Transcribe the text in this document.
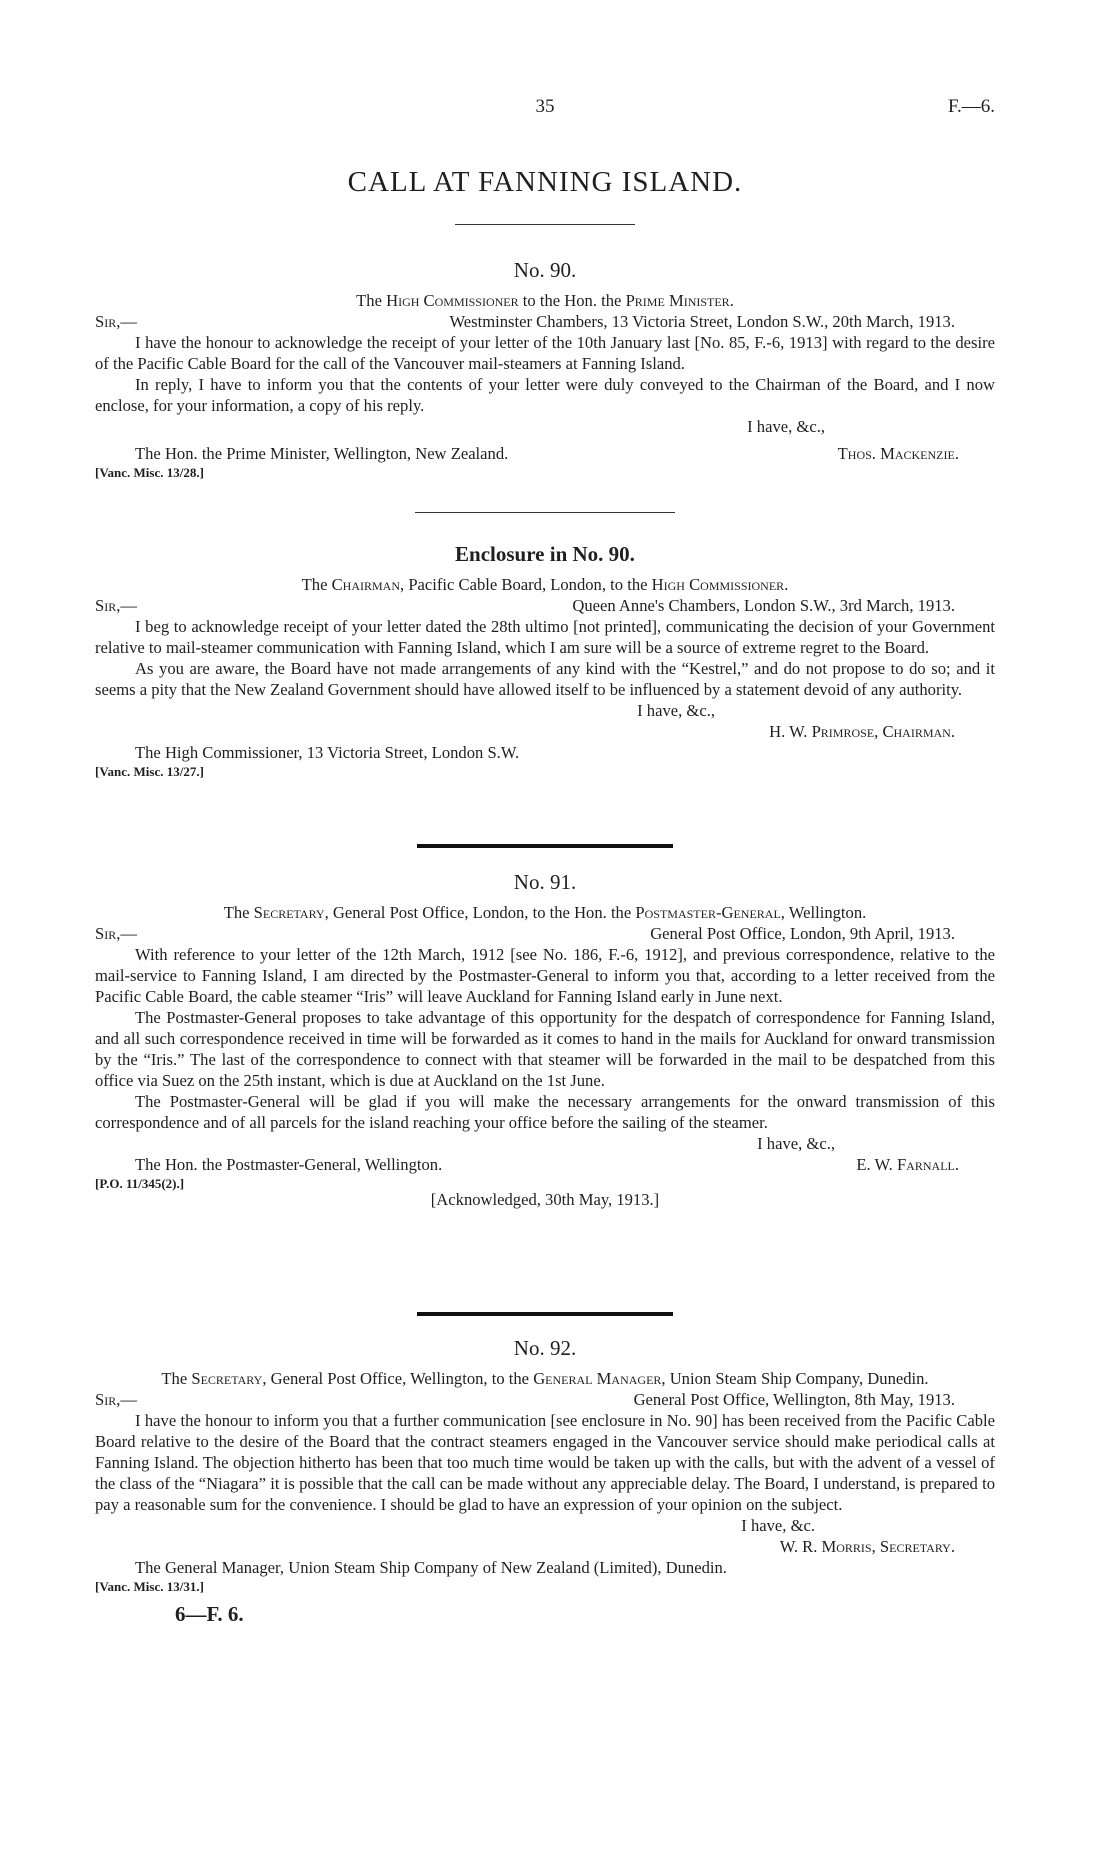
35	F.—6.
CALL AT FANNING ISLAND.

No. 90.

The High Commissioner to the Hon. the Prime Minister.

Sir,—	Westminster Chambers, 13 Victoria Street, London S.W., 20th March, 1913.

I have the honour to acknowledge the receipt of your letter of the 10th January last [No. 85, F.-6, 1913] with regard to the desire of the Pacific Cable Board for the call of the Vancouver mail-steamers at Fanning Island.

In reply, I have to inform you that the contents of your letter were duly conveyed to the Chairman of the Board, and I now enclose, for your information, a copy of his reply.

I have, &c.,

The Hon. the Prime Minister, Wellington, New Zealand.	Thos. Mackenzie.

[Vanc. Misc. 13/28.]

Enclosure in No. 90.

The Chairman, Pacific Cable Board, London, to the High Commissioner.

Sir,—	Queen Anne's Chambers, London S.W., 3rd March, 1913.

I beg to acknowledge receipt of your letter dated the 28th ultimo [not printed], communicating the decision of your Government relative to mail-steamer communication with Fanning Island, which I am sure will be a source of extreme regret to the Board.

As you are aware, the Board have not made arrangements of any kind with the “Kestrel,” and do not propose to do so; and it seems a pity that the New Zealand Government should have allowed itself to be influenced by a statement devoid of any authority.

I have, &c.,

H. W. Primrose, Chairman.

The High Commissioner, 13 Victoria Street, London S.W.

[Vanc. Misc. 13/27.]

No. 91.

The Secretary, General Post Office, London, to the Hon. the Postmaster-General, Wellington.

Sir,—	General Post Office, London, 9th April, 1913.

With reference to your letter of the 12th March, 1912 [see No. 186, F.-6, 1912], and previous correspondence, relative to the mail-service to Fanning Island, I am directed by the Postmaster-General to inform you that, according to a letter received from the Pacific Cable Board, the cable steamer “Iris” will leave Auckland for Fanning Island early in June next.

The Postmaster-General proposes to take advantage of this opportunity for the despatch of correspondence for Fanning Island, and all such correspondence received in time will be forwarded as it comes to hand in the mails for Auckland for onward transmission by the “Iris.” The last of the correspondence to connect with that steamer will be forwarded in the mail to be despatched from this office via Suez on the 25th instant, which is due at Auckland on the 1st June.

The Postmaster-General will be glad if you will make the necessary arrangements for the onward transmission of this correspondence and of all parcels for the island reaching your office before the sailing of the steamer.

I have, &c.,

The Hon. the Postmaster-General, Wellington.	E. W. Farnall.

[P.O. 11/345(2).]

[Acknowledged, 30th May, 1913.]

No. 92.

The Secretary, General Post Office, Wellington, to the General Manager, Union Steam Ship Company, Dunedin.

Sir,—	General Post Office, Wellington, 8th May, 1913.

I have the honour to inform you that a further communication [see enclosure in No. 90] has been received from the Pacific Cable Board relative to the desire of the Board that the contract steamers engaged in the Vancouver service should make periodical calls at Fanning Island. The objection hitherto has been that too much time would be taken up with the calls, but with the advent of a vessel of the class of the “Niagara” it is possible that the call can be made without any appreciable delay. The Board, I understand, is prepared to pay a reasonable sum for the convenience. I should be glad to have an expression of your opinion on the subject.

I have, &c.

W. R. Morris, Secretary.

The General Manager, Union Steam Ship Company of New Zealand (Limited), Dunedin.

[Vanc. Misc. 13/31.]

6—F. 6.
